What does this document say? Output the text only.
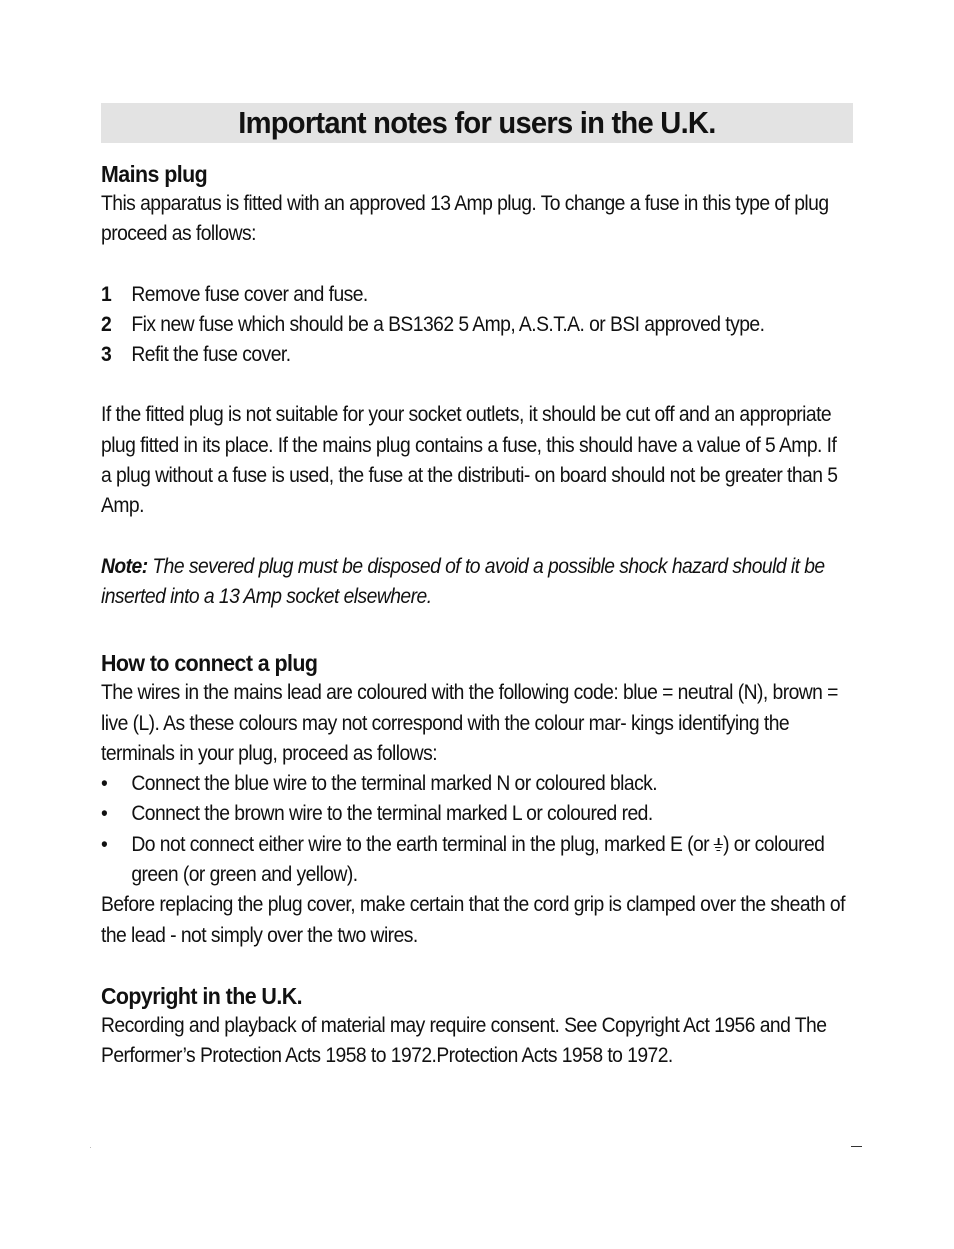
Important notes for users in the U.K.
Mains plug

This apparatus is fitted with an approved 13 Amp plug. To change a fuse in this type of plug proceed as follows:

1 Remove fuse cover and fuse.
2 Fix new fuse which should be a BS1362 5 Amp, A.S.T.A. or BSI approved type.
3 Refit the fuse cover.

If the fitted plug is not suitable for your socket outlets, it should be cut off and an appropriate plug fitted in its place. If the mains plug contains a fuse, this should have a value of 5 Amp. If a plug without a fuse is used, the fuse at the distributi- on board should not be greater than 5 Amp.

Note: The severed plug must be disposed of to avoid a possible shock hazard should it be inserted into a 13 Amp socket elsewhere.

How to connect a plug

The wires in the mains lead are coloured with the following code: blue = neutral (N), brown = live (L). As these colours may not correspond with the colour mar- kings identifying the terminals in your plug, proceed as follows:

•	Connect the blue wire to the terminal marked N or coloured black.
•	Connect the brown wire to the terminal marked L or coloured red.
•	Do not connect either wire to the earth terminal in the plug, marked E (or
) or coloured green (or green and yellow).

Before replacing the plug cover, make certain that the cord grip is clamped over the sheath of the lead - not simply over the two wires.

Copyright in the U.K.

Recording and playback of material may require consent. See Copyright Act 1956 and The Performer’s Protection Acts 1958 to 1972.Protection Acts 1958 to 1972.
